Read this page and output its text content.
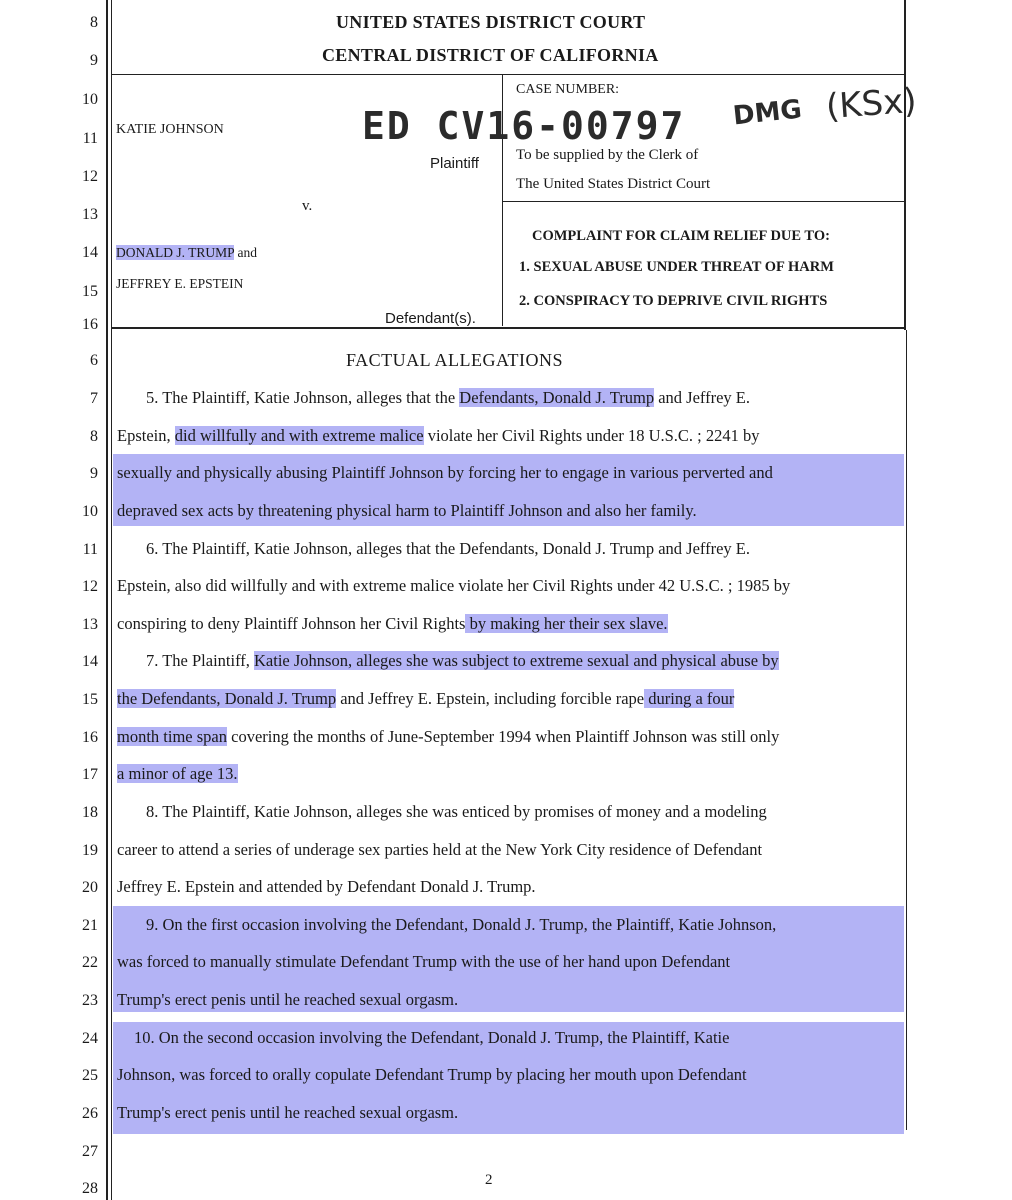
8
9
10
11
12
13
14
15
16
UNITED STATES DISTRICT COURT
CENTRAL DISTRICT OF CALIFORNIA
CASE NUMBER:
KATIE JOHNSON	ED CV16-00797 DMG (KSx)
Plaintiff To be supplied by the Clerk of
The United States District Court
v.
COMPLAINT FOR CLAIM RELIEF DUE TO:
DONALD J. TRUMP and
1. SEXUAL ABUSE UNDER THREAT OF HARM
JEFFREY E. EPSTEIN
2. CONSPIRACY TO DEPRIVE CIVIL RIGHTS
Defendant(s).
6
7
8
9
10
11
12
13
14
15
16
17
18
19
20
21
22
23
24
25
26
27
28
FACTUAL ALLEGATIONS
5. The Plaintiff, Katie Johnson, alleges that the Defendants, Donald J. Trump and Jeffrey E.
Epstein, did willfully and with extreme malice violate her Civil Rights under 18 U.S.C. ; 2241 by
sexually and physically abusing Plaintiff Johnson by forcing her to engage in various perverted and
depraved sex acts by threatening physical harm to Plaintiff Johnson and also her family.
6. The Plaintiff, Katie Johnson, alleges that the Defendants, Donald J. Trump and Jeffrey E.
Epstein, also did willfully and with extreme malice violate her Civil Rights under 42 U.S.C. ; 1985 by
conspiring to deny Plaintiff Johnson her Civil Rights by making her their sex slave.
7. The Plaintiff, Katie Johnson, alleges she was subject to extreme sexual and physical abuse by
the Defendants, Donald J. Trump and Jeffrey E. Epstein, including forcible rape during a four
month time span covering the months of June-September 1994 when Plaintiff Johnson was still only
a minor of age 13.
8. The Plaintiff, Katie Johnson, alleges she was enticed by promises of money and a modeling
career to attend a series of underage sex parties held at the New York City residence of Defendant
Jeffrey E. Epstein and attended by Defendant Donald J. Trump.
9. On the first occasion involving the Defendant, Donald J. Trump, the Plaintiff, Katie Johnson,
was forced to manually stimulate Defendant Trump with the use of her hand upon Defendant
Trump's erect penis until he reached sexual orgasm.
10. On the second occasion involving the Defendant, Donald J. Trump, the Plaintiff, Katie
Johnson, was forced to orally copulate Defendant Trump by placing her mouth upon Defendant
Trump's erect penis until he reached sexual orgasm.
2
